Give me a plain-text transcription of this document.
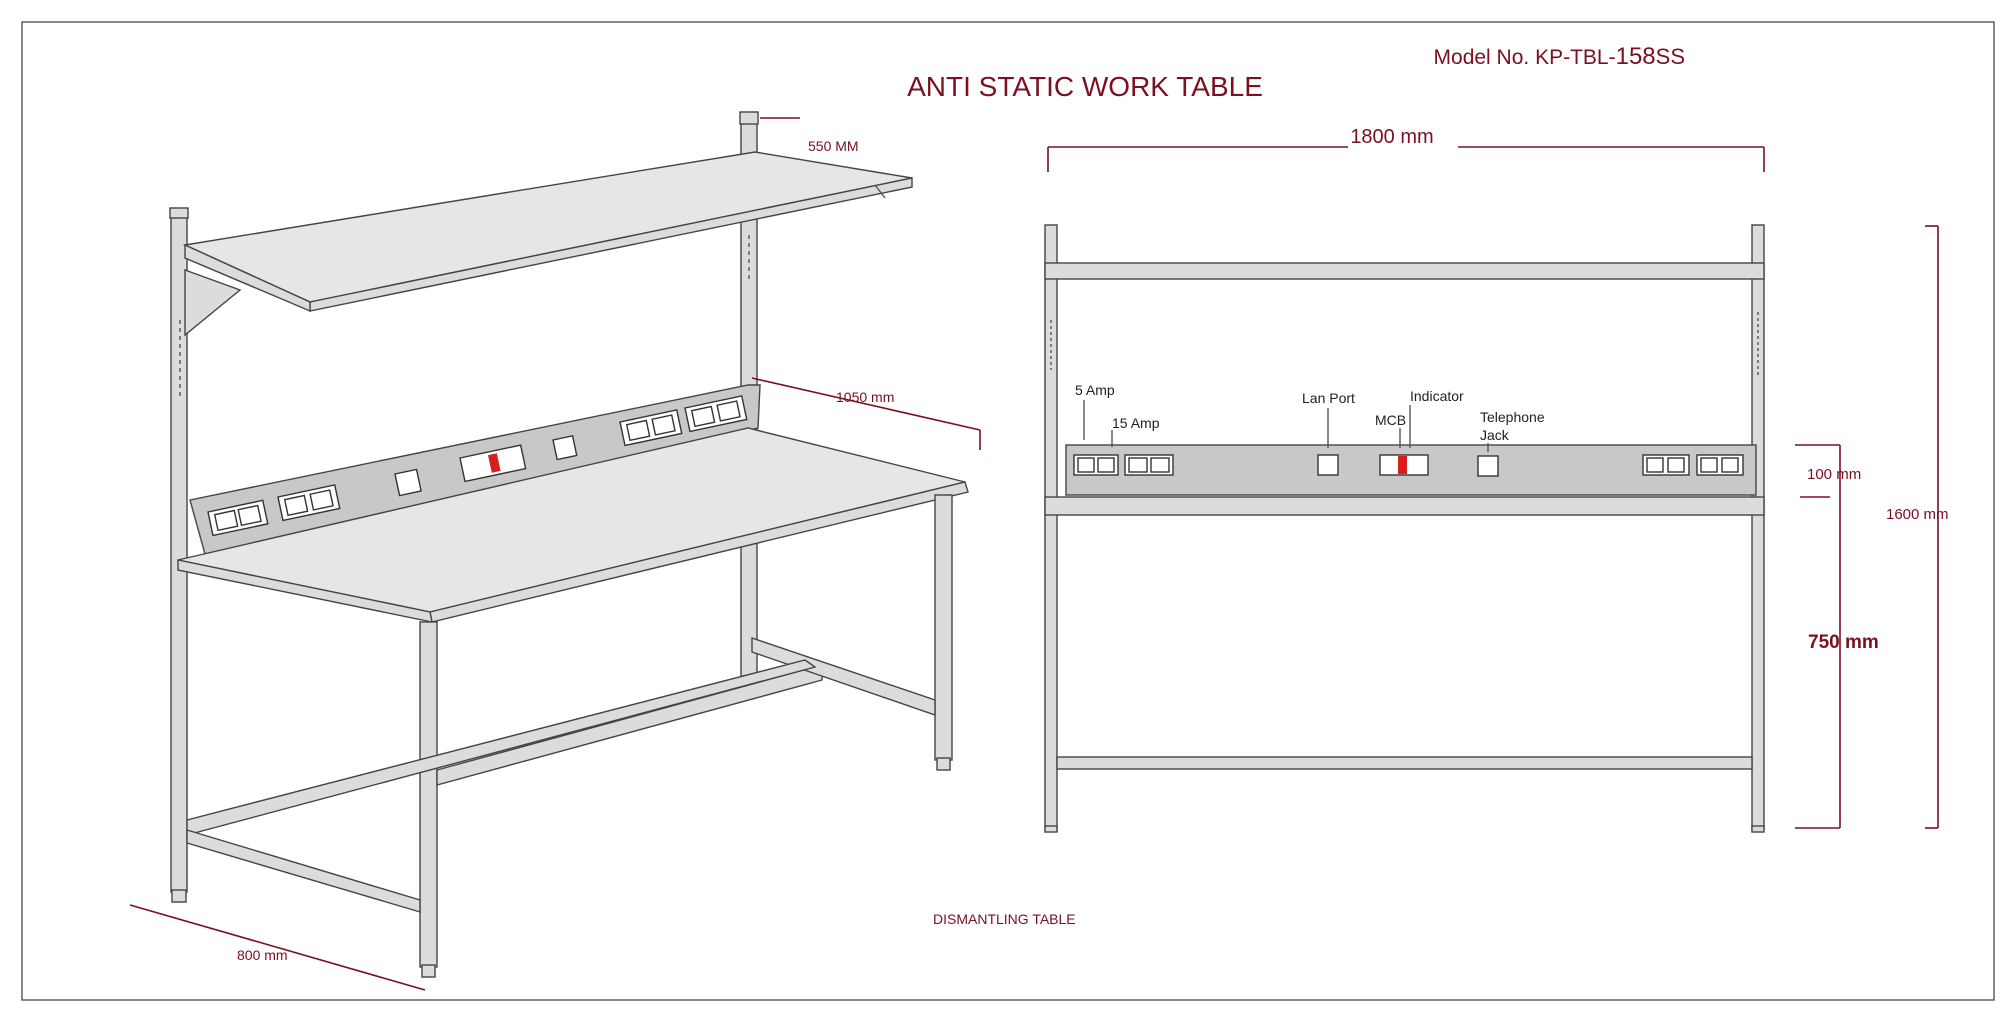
Model No. KP-TBL-158SS
ANTI STATIC WORK TABLE
550 MM
1050 mm
800 mm
DISMANTLING TABLE
5 Amp
15 Amp
Lan Port	Indicator
MCB	Telephone
Jack
1800 mm
1600 mm
750 mm
100 mm
